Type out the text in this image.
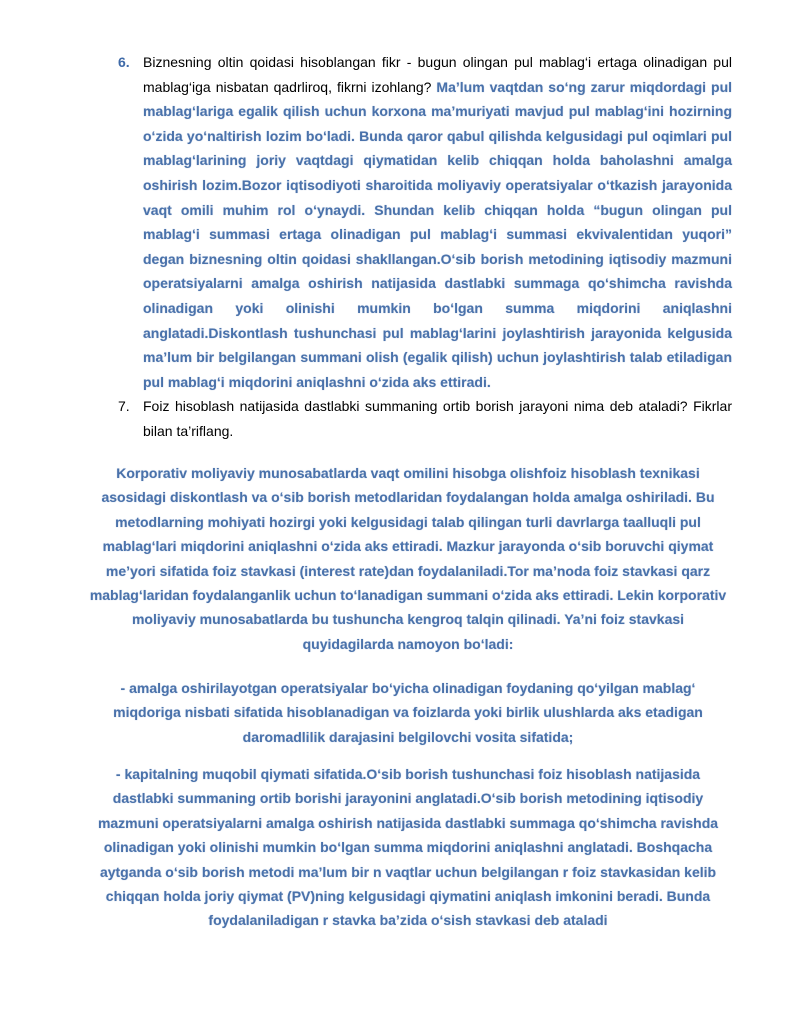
6. Biznesning oltin qoidasi hisoblangan fikr - bugun olingan pul mablag‘i ertaga olinadigan pul mablag‘iga nisbatan qadrliroq, fikrni izohlang? Ma’lum vaqtdan so‘ng zarur miqdordagi pul mablag‘lariga egalik qilish uchun korxona ma’muriyati mavjud pul mablag‘ini hozirning o‘zida yo‘naltirish lozim bo‘ladi. Bunda qaror qabul qilishda kelgusidagi pul oqimlari pul mablag‘larining joriy vaqtdagi qiymatidan kelib chiqqan holda baholashni amalga oshirish lozim.Bozor iqtisodiyoti sharoitida moliyaviy operatsiyalar o‘tkazish jarayonida vaqt omili muhim rol o‘ynaydi. Shundan kelib chiqqan holda “bugun olingan pul mablag‘i summasi ertaga olinadigan pul mablag‘i summasi ekvivalentidan yuqori” degan biznesning oltin qoidasi shakllangan.O‘sib borish metodining iqtisodiy mazmuni operatsiyalarni amalga oshirish natijasida dastlabki summaga qo‘shimcha ravishda olinadigan yoki olinishi mumkin bo‘lgan summa miqdorini aniqlashni anglatadi.Diskontlash tushunchasi pul mablag‘larini joylashtirish jarayonida kelgusida ma’lum bir belgilangan summani olish (egalik qilish) uchun joylashtirish talab etiladigan pul mablag‘i miqdorini aniqlashni o‘zida aks ettiradi.
7. Foiz hisoblash natijasida dastlabki summaning ortib borish jarayoni nima deb ataladi? Fikrlar bilan ta’riflang.

Korporativ moliyaviy munosabatlarda vaqt omilini hisobga olishfoiz hisoblash texnikasi asosidagi diskontlash va o‘sib borish metodlaridan foydalangan holda amalga oshiriladi. Bu metodlarning mohiyati hozirgi yoki kelgusidagi talab qilingan turli davrlarga taalluqli pul mablag‘lari miqdorini aniqlashni o‘zida aks ettiradi. Mazkur jarayonda o‘sib boruvchi qiymat me’yori sifatida foiz stavkasi (interest rate)dan foydalaniladi.Tor ma’noda foiz stavkasi qarz mablag‘laridan foydalanganlik uchun to‘lanadigan summani o‘zida aks ettiradi. Lekin korporativ moliyaviy munosabatlarda bu tushuncha kengroq talqin qilinadi. Ya’ni foiz stavkasi quyidagilarda namoyon bo‘ladi:

- amalga oshirilayotgan operatsiyalar bo‘yicha olinadigan foydaning qo‘yilgan mablag‘ miqdoriga nisbati sifatida hisoblanadigan va foizlarda yoki birlik ulushlarda aks etadigan daromadlilik darajasini belgilovchi vosita sifatida;

- kapitalning muqobil qiymati sifatida.O‘sib borish tushunchasi foiz hisoblash natijasida dastlabki summaning ortib borishi jarayonini anglatadi.O‘sib borish metodining iqtisodiy mazmuni operatsiyalarni amalga oshirish natijasida dastlabki summaga qo‘shimcha ravishda olinadigan yoki olinishi mumkin bo‘lgan summa miqdorini aniqlashni anglatadi. Boshqacha aytganda o‘sib borish metodi ma’lum bir n vaqtlar uchun belgilangan r foiz stavkasidan kelib chiqqan holda joriy qiymat (PV)ning kelgusidagi qiymatini aniqlash imkonini beradi. Bunda foydalaniladigan r stavka ba’zida o‘sish stavkasi deb ataladi
